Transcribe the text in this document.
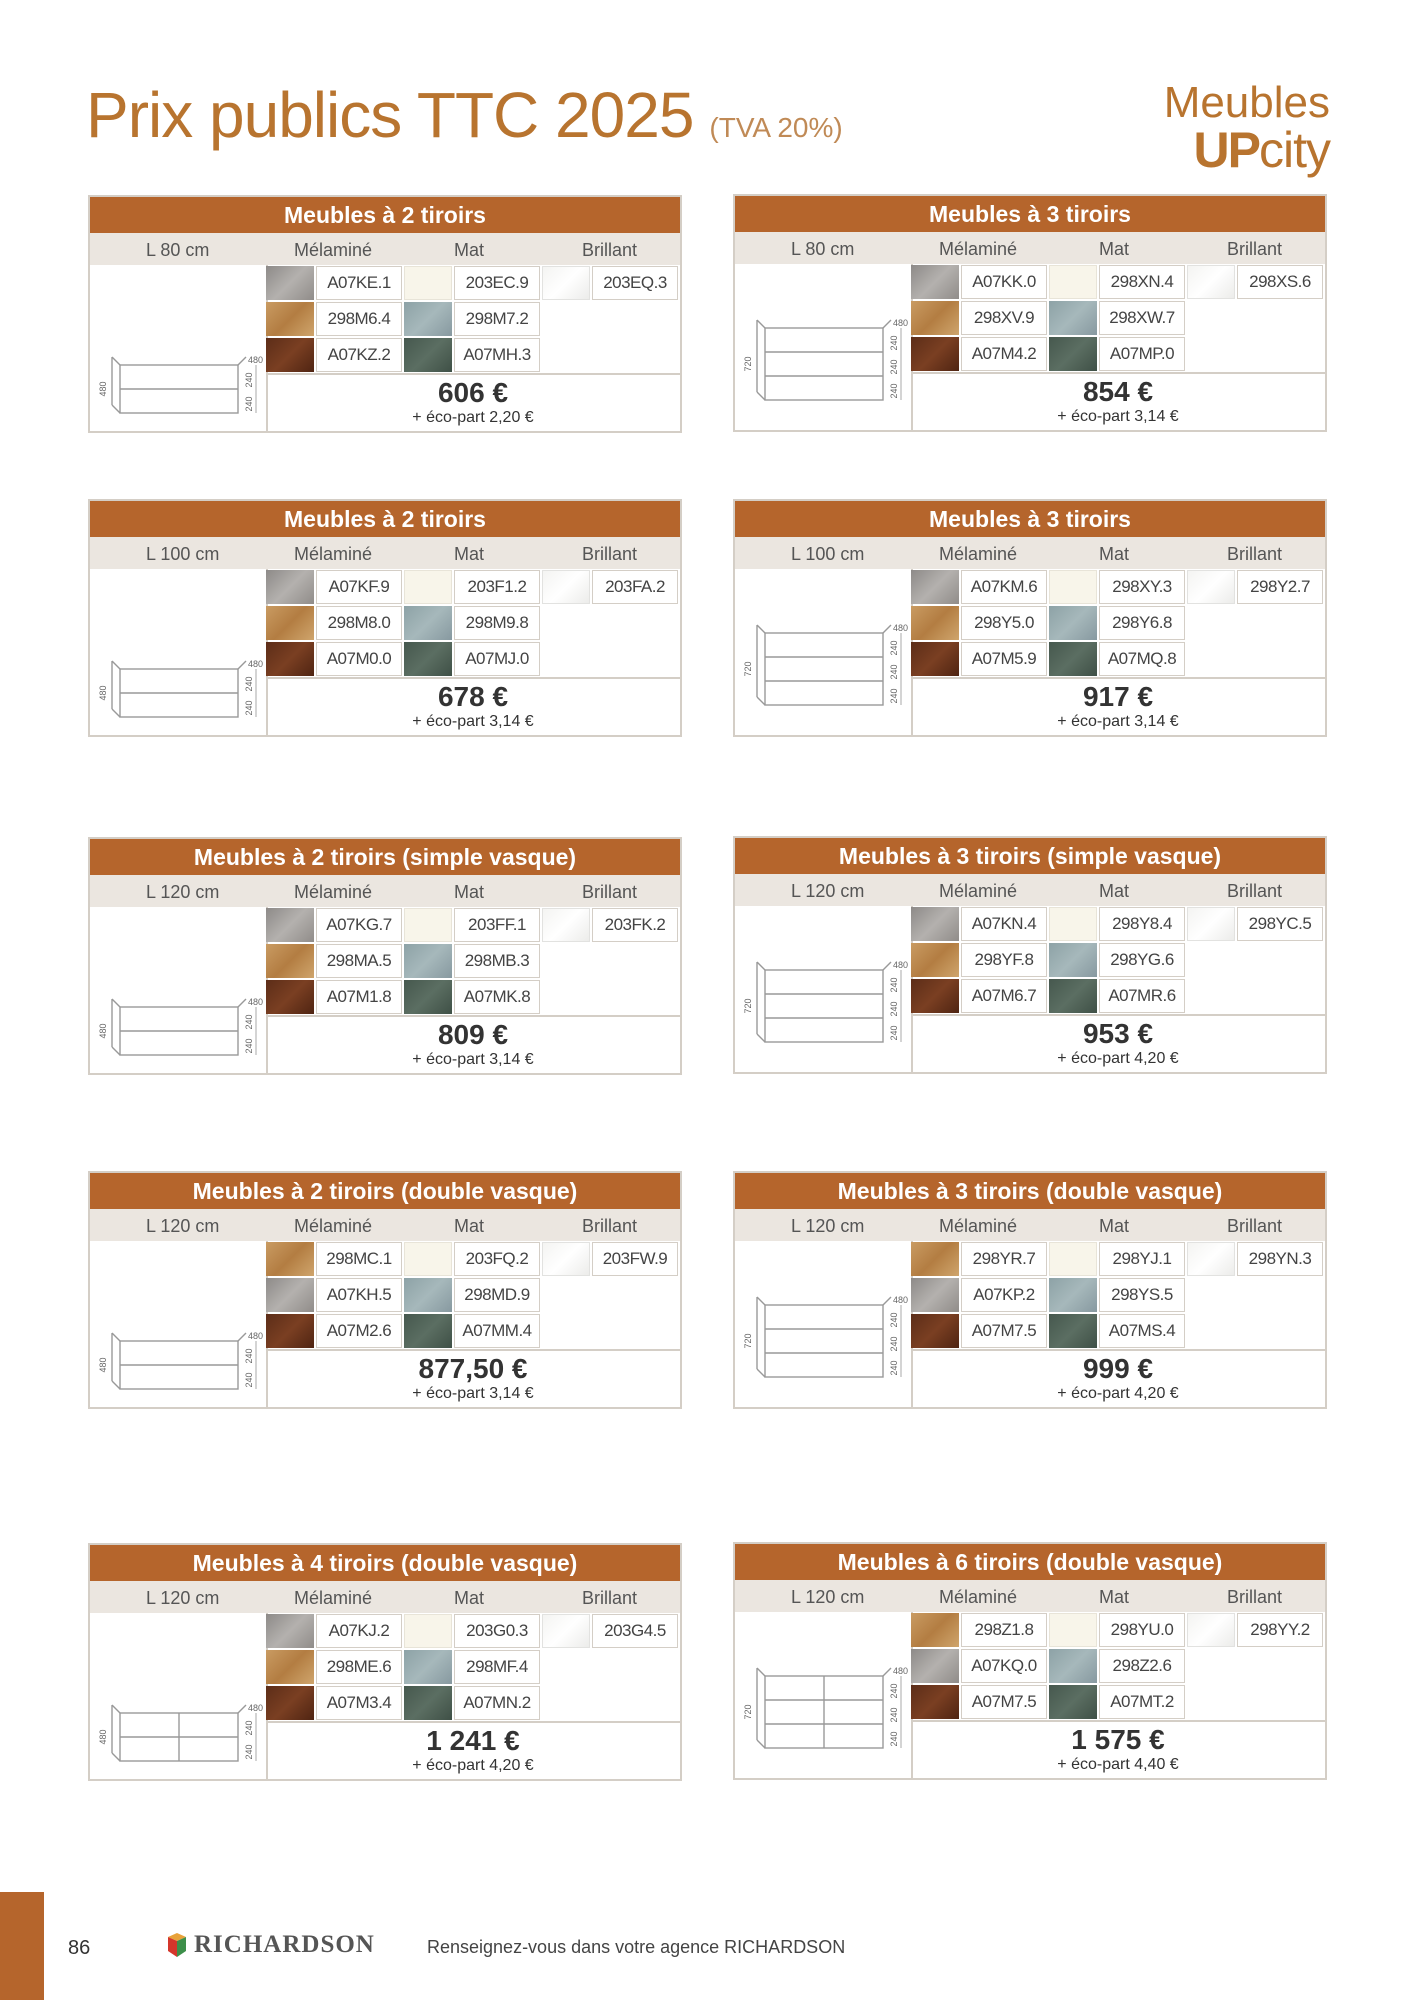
Prix publics TTC 2025 (TVA 20%)
Meubles
UPcity
Meubles à 2 tiroirs
L 80 cm	Mélaminé	Mat	Brillant
480
480
240
240
A07KE.1	203EC.9	203EQ.3
298M6.4	298M7.2
A07KZ.2	A07MH.3
606 €
+ éco-part 2,20 €
Meubles à 3 tiroirs
L 80 cm	Mélaminé	Mat	Brillant
720
480
240
240
240
A07KK.0	298XN.4	298XS.6
298XV.9	298XW.7
A07M4.2	A07MP.0
854 €
+ éco-part 3,14 €
Meubles à 2 tiroirs
L 100 cm	Mélaminé	Mat	Brillant
480
480
240
240
A07KF.9	203F1.2	203FA.2
298M8.0	298M9.8
A07M0.0	A07MJ.0
678 €
+ éco-part 3,14 €
Meubles à 3 tiroirs
L 100 cm	Mélaminé	Mat	Brillant
720
480
240
240
240
A07KM.6	298XY.3	298Y2.7
298Y5.0	298Y6.8
A07M5.9	A07MQ.8
917 €
+ éco-part 3,14 €
Meubles à 2 tiroirs (simple vasque)
L 120 cm	Mélaminé	Mat	Brillant
480
480
240
240
A07KG.7	203FF.1	203FK.2
298MA.5	298MB.3
A07M1.8	A07MK.8
809 €
+ éco-part 3,14 €
Meubles à 3 tiroirs (simple vasque)
L 120 cm	Mélaminé	Mat	Brillant
720
480
240
240
240
A07KN.4	298Y8.4	298YC.5
298YF.8	298YG.6
A07M6.7	A07MR.6
953 €
+ éco-part 4,20 €
Meubles à 2 tiroirs (double vasque)
L 120 cm	Mélaminé	Mat	Brillant
480
480
240
240
298MC.1	203FQ.2	203FW.9
A07KH.5	298MD.9
A07M2.6	A07MM.4
877,50 €
+ éco-part 3,14 €
Meubles à 3 tiroirs (double vasque)
L 120 cm	Mélaminé	Mat	Brillant
720
480
240
240
240
298YR.7	298YJ.1	298YN.3
A07KP.2	298YS.5
A07M7.5	A07MS.4
999 €
+ éco-part 4,20 €
Meubles à 4 tiroirs (double vasque)
L 120 cm	Mélaminé	Mat	Brillant
480
480
240
240
A07KJ.2	203G0.3	203G4.5
298ME.6	298MF.4
A07M3.4	A07MN.2
1 241 €
+ éco-part 4,20 €
Meubles à 6 tiroirs (double vasque)
L 120 cm	Mélaminé	Mat	Brillant
720
480
240
240
240
298Z1.8	298YU.0	298YY.2
A07KQ.0	298Z2.6
A07M7.5	A07MT.2
1 575 €
+ éco-part 4,40 €
86	RICHARDSON	Renseignez-vous dans votre agence RICHARDSON
